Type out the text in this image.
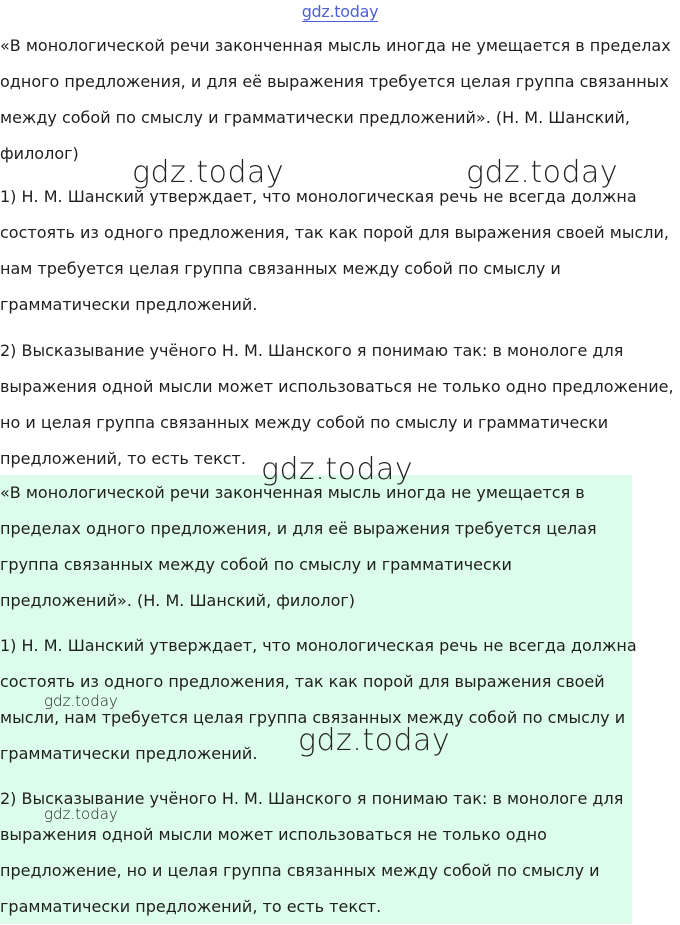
gdz.today
«В монологической речи законченная мысль иногда не умещается в пределах
одного предложения, и для её выражения требуется целая группа связанных
между собой по смыслу и грамматически предложений». (Н. М. Шанский,
филолог)
1) Н. М. Шанский утверждает, что монологическая речь не всегда должна
состоять из одного предложения, так как порой для выражения своей мысли,
нам требуется целая группа связанных между собой по смыслу и
грамматически предложений.
2) Высказывание учёного Н. М. Шанского я понимаю так: в монологе для
выражения одной мысли может использоваться не только одно предложение,
но и целая группа связанных между собой по смыслу и грамматически
предложений, то есть текст.
«В монологической речи законченная мысль иногда не умещается в
пределах одного предложения, и для её выражения требуется целая
группа связанных между собой по смыслу и грамматически
предложений». (Н. М. Шанский, филолог)
1) Н. М. Шанский утверждает, что монологическая речь не всегда должна
состоять из одного предложения, так как порой для выражения своей
мысли, нам требуется целая группа связанных между собой по смыслу и
грамматически предложений.
2) Высказывание учёного Н. М. Шанского я понимаю так: в монологе для
выражения одной мысли может использоваться не только одно
предложение, но и целая группа связанных между собой по смыслу и
грамматически предложений, то есть текст.
gdz.today	gdz.today
gdz.today
gdz.today
gdz.today
gdz.today
